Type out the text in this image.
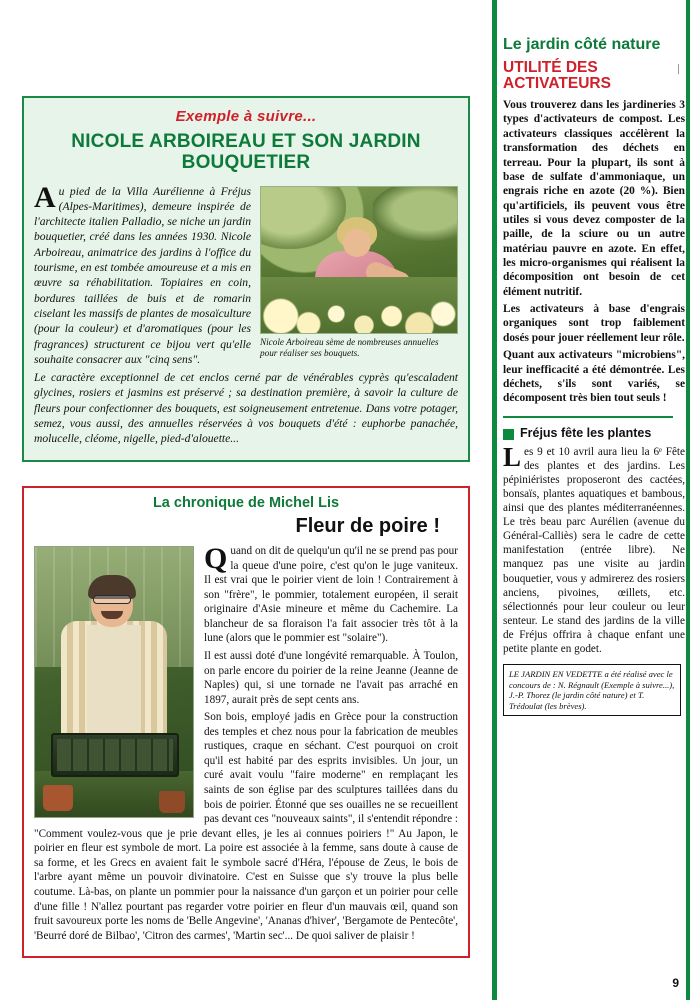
Exemple à suivre...
NICOLE ARBOIREAU ET SON JARDIN BOUQUETIER
Nicole Arboireau sème de nombreuses annuelles pour réaliser ses bouquets.

Au pied de la Villa Aurélienne à Fréjus (Alpes-Maritimes), demeure inspirée de l'architecte italien Palladio, se niche un jardin bouquetier, créé dans les années 1930. Nicole Arboireau, animatrice des jardins à l'office du tourisme, en est tombée amoureuse et a mis en œuvre sa réhabilitation. Topiaires en coin, bordures taillées de buis et de romarin ciselant les massifs de plantes de mosaïculture (pour la couleur) et d'aromatiques (pour les fragrances) structurent ce bijou vert qu'elle souhaite consacrer aux "cinq sens".

Le caractère exceptionnel de cet enclos cerné par de vénérables cyprès qu'escaladent glycines, rosiers et jasmins est préservé ; sa destination première, à savoir la culture de fleurs pour confectionner des bouquets, est soigneusement entretenue. Dans votre potager, semez, vous aussi, des annuelles réservées à vos bouquets d'été : euphorbe panachée, molucelle, cléome, nigelle, pied-d'alouette...

La chronique de Michel Lis
Fleur de poire !

Quand on dit de quelqu'un qu'il ne se prend pas pour la queue d'une poire, c'est qu'on le juge vaniteux. Il est vrai que le poirier vient de loin ! Contrairement à son "frère", le pommier, totalement européen, il serait originaire d'Asie mineure et même du Cachemire. La blancheur de sa floraison l'a fait associer très tôt à la lune (alors que le pommier est "solaire").

Il est aussi doté d'une longévité remarquable. À Toulon, on parle encore du poirier de la reine Jeanne (Jeanne de Naples) qui, si une tornade ne l'avait pas arraché en 1897, aurait près de sept cents ans.

Son bois, employé jadis en Grèce pour la construction des temples et chez nous pour la fabrication de meubles rustiques, craque en séchant. C'est pourquoi on croit qu'il est habité par des esprits invisibles. Un jour, un curé avait voulu "faire moderne" en remplaçant les saints de son église par des sculptures taillées dans du bois de poirier. Étonné que ses ouailles ne se recueillent pas devant ces "nouveaux saints", il s'entendit répondre : "Comment voulez-vous que je prie devant elles, je les ai connues poiriers !" Au Japon, le poirier en fleur est symbole de mort. La poire est associée à la femme, sans doute à cause de sa forme, et les Grecs en avaient fait le symbole sacré d'Héra, l'épouse de Zeus, le bois de l'arbre ayant même un pouvoir divinatoire. C'est en Suisse que s'y trouve la plus belle coutume. Là-bas, on plante un pommier pour la naissance d'un garçon et un poirier pour celle d'une fille ! N'allez pourtant pas regarder votre poirier en fleur d'un mauvais œil, quand son fruit savoureux porte les noms de 'Belle Angevine', 'Ananas d'hiver', 'Bergamote de Pentecôte', 'Beurré doré de Bilbao', 'Citron des carmes', 'Martin sec'... De quoi saliver de plaisir !

Le jardin côté nature
UTILITÉ DES ACTIVATEURS

Vous trouverez dans les jardineries 3 types d'activateurs de compost. Les activateurs classiques accélèrent la transformation des déchets en terreau. Pour la plupart, ils sont à base de sulfate d'ammoniaque, un engrais riche en azote (20 %). Bien qu'artificiels, ils peuvent vous être utiles si vous devez composter de la paille, de la sciure ou un autre matériau pauvre en azote. En effet, les micro-organismes qui réalisent la décomposition ont besoin de cet élément nutritif.

Les activateurs à base d'engrais organiques sont trop faiblement dosés pour jouer réellement leur rôle.

Quant aux activateurs "microbiens", leur inefficacité a été démontrée. Les déchets, s'ils sont variés, se décomposent très bien tout seuls !

Fréjus fête les plantes

Les 9 et 10 avril aura lieu la 6ᵉ Fête des plantes et des jardins. Les pépiniéristes proposeront des cactées, bonsaïs, plantes aquatiques et bambous, ainsi que des plantes méditerranéennes. Le très beau parc Aurélien (avenue du Général-Calliès) sera le cadre de cette manifestation (entrée libre). Ne manquez pas une visite au jardin bouquetier, vous y admirerez des rosiers anciens, pivoines, œillets, etc. sélectionnés pour leur couleur ou leur senteur. Le stand des jardins de la ville de Fréjus offrira à chaque enfant une petite plante en godet.

LE JARDIN EN VEDETTE a été réalisé avec le concours de : N. Régnault (Exemple à suivre...), J.-P. Thorez (le jardin côté nature) et T. Trédoulat (les brèves).
9
